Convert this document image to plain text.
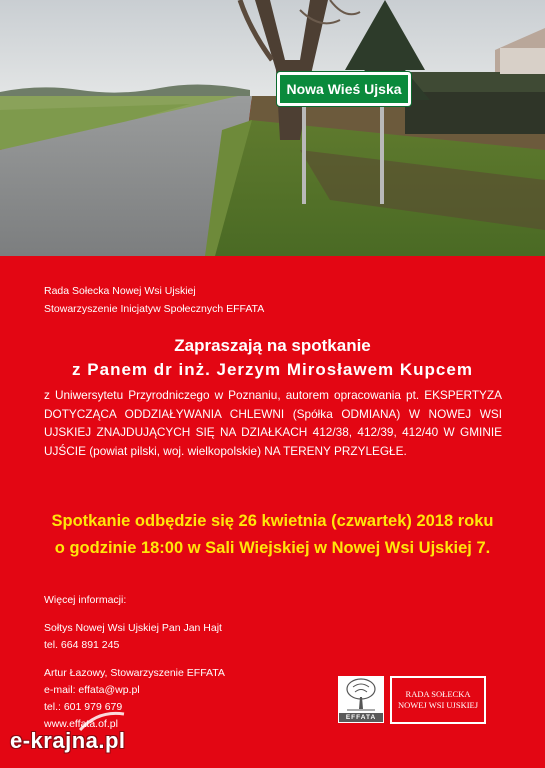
Nowa Wieś Ujska
Rada Sołecka Nowej Wsi Ujskiej
Stowarzyszenie Inicjatyw Społecznych EFFATA
Zapraszają na spotkanie
z Panem dr inż. Jerzym Mirosławem Kupcem
z Uniwersytetu Przyrodniczego w Poznaniu, autorem opracowania pt. EKSPERTYZA DOTYCZĄCA ODDZIAŁYWANIA CHLEWNI (Spółka ODMIANA) W NOWEJ WSI UJSKIEJ ZNAJDUJĄCYCH SIĘ NA DZIAŁKACH 412/38, 412/39, 412/40 W GMINIE UJŚCIE (powiat pilski, woj. wielkopolskie) NA TERENY PRZYLEGŁE.
Spotkanie odbędzie się 26 kwietnia (czwartek) 2018 roku
o godzinie 18:00 w Sali Wiejskiej w Nowej Wsi Ujskiej 7.
Więcej informacji:
Sołtys Nowej Wsi Ujskiej Pan Jan Hajt
tel. 664 891 245
Artur Łazowy, Stowarzyszenie EFFATA
e-mail: effata@wp.pl
tel.: 601 979 679
www.effata.of.pl
EFFATA
RADA SOŁECKA
NOWEJ WSI UJSKIEJ
e-krajna.pl
